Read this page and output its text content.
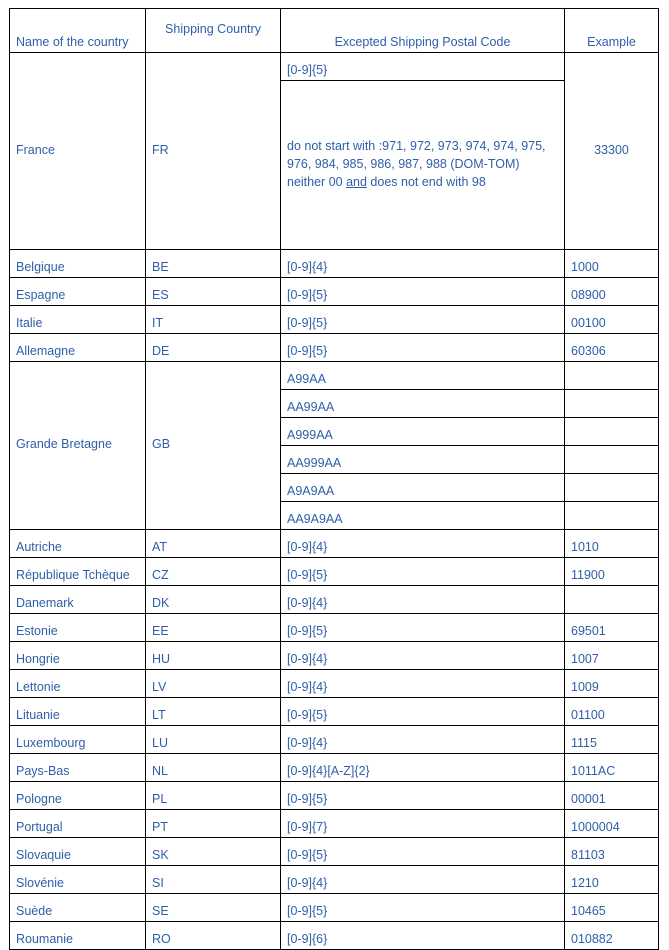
Name of the country	Shipping Country	Excepted Shipping Postal Code	Example
France	FR	[0-9]{5}	33300
		do not start with :971, 972, 973, 974, 974, 975, 976, 984, 985, 986, 987, 988 (DOM-TOM) neither 00 and does not end with 98	
Belgique	BE	[0-9]{4}	1000
Espagne	ES	[0-9]{5}	08900
Italie	IT	[0-9]{5}	00100
Allemagne	DE	[0-9]{5}	60306
Grande Bretagne	GB	A99AA	
		AA99AA	
		A999AA	
		AA999AA	
		A9A9AA	
		AA9A9AA	
Autriche	AT	[0-9]{4}	1010
République Tchèque	CZ	[0-9]{5}	11900
Danemark	DK	[0-9]{4}	
Estonie	EE	[0-9]{5}	69501
Hongrie	HU	[0-9]{4}	1007
Lettonie	LV	[0-9]{4}	1009
Lituanie	LT	[0-9]{5}	01100
Luxembourg	LU	[0-9]{4}	1115
Pays-Bas	NL	[0-9]{4}[A-Z]{2}	1011AC
Pologne	PL	[0-9]{5}	00001
Portugal	PT	[0-9]{7}	1000004
Slovaquie	SK	[0-9]{5}	81103
Slovénie	SI	[0-9]{4}	1210
Suède	SE	[0-9]{5}	10465
Roumanie	RO	[0-9]{6}	010882
